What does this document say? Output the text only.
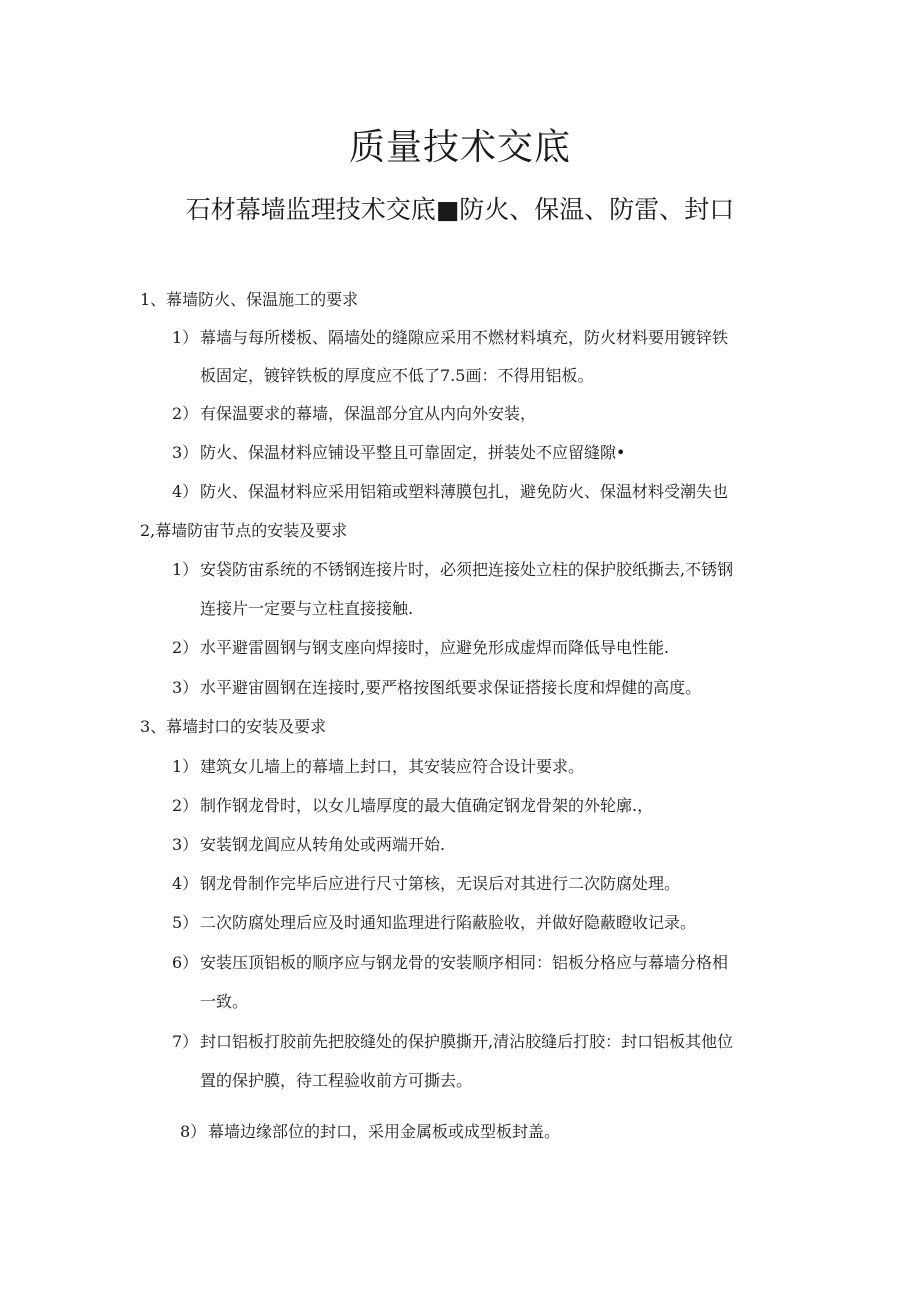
质量技术交底
石材幕墙监理技术交底■防火、保温、防雷、封口
1、幕墙防火、保温施工的要求
1） 幕墙与每所楼板、隔墙处的缝隙应采用不燃材料填充，防火材料要用镀锌铁
板固定，镀锌铁板的厚度应不低了7.5画：不得用铝板。
2） 有保温要求的幕墙，保温部分宜从内向外安装，
3） 防火、保温材料应铺设平整且可靠固定，拼装处不应留缝隙•
4） 防火、保温材料应采用铝箱或塑料薄膜包扎，避免防火、保温材料受潮失也
2,幕墙防宙节点的安装及要求
1） 安袋防宙系统的不锈钢连接片时，必须把连接处立柱的保护胶纸撕去,不锈钢
连接片一定要与立柱直接接触.
2） 水平避雷圆钢与钢支座向焊接时，应避免形成虚焊而降低导电性能.
3） 水平避宙圆钢在连接时,要严格按图纸要求保证搭接长度和焊健的高度。
3、幕墙封口的安装及要求
1） 建筑女儿墙上的幕墙上封口，其安装应符合设计要求。
2） 制作钢龙骨时，以女儿墙厚度的最大值确定钢龙骨架的外轮廓.，
3） 安装钢龙阊应从转角处或两端开始.
4） 钢龙骨制作完毕后应进行尺寸第核，无误后对其进行二次防腐处理。
5） 二次防腐处理后应及时通知监理进行陷蔽脸收，并做好隐蔽瞪收记录。
6） 安装压顶铝板的顺序应与钢龙骨的安装顺序相同：铝板分格应与幕墙分格相
一致。
7） 封口铝板打胶前先把胶缝处的保护膜撕开,清沾胶缝后打胶：封口铝板其他位
置的保护膜，待工程验收前方可撕去。
8） 幕墙边缘部位的封口，采用金属板或成型板封盖。
